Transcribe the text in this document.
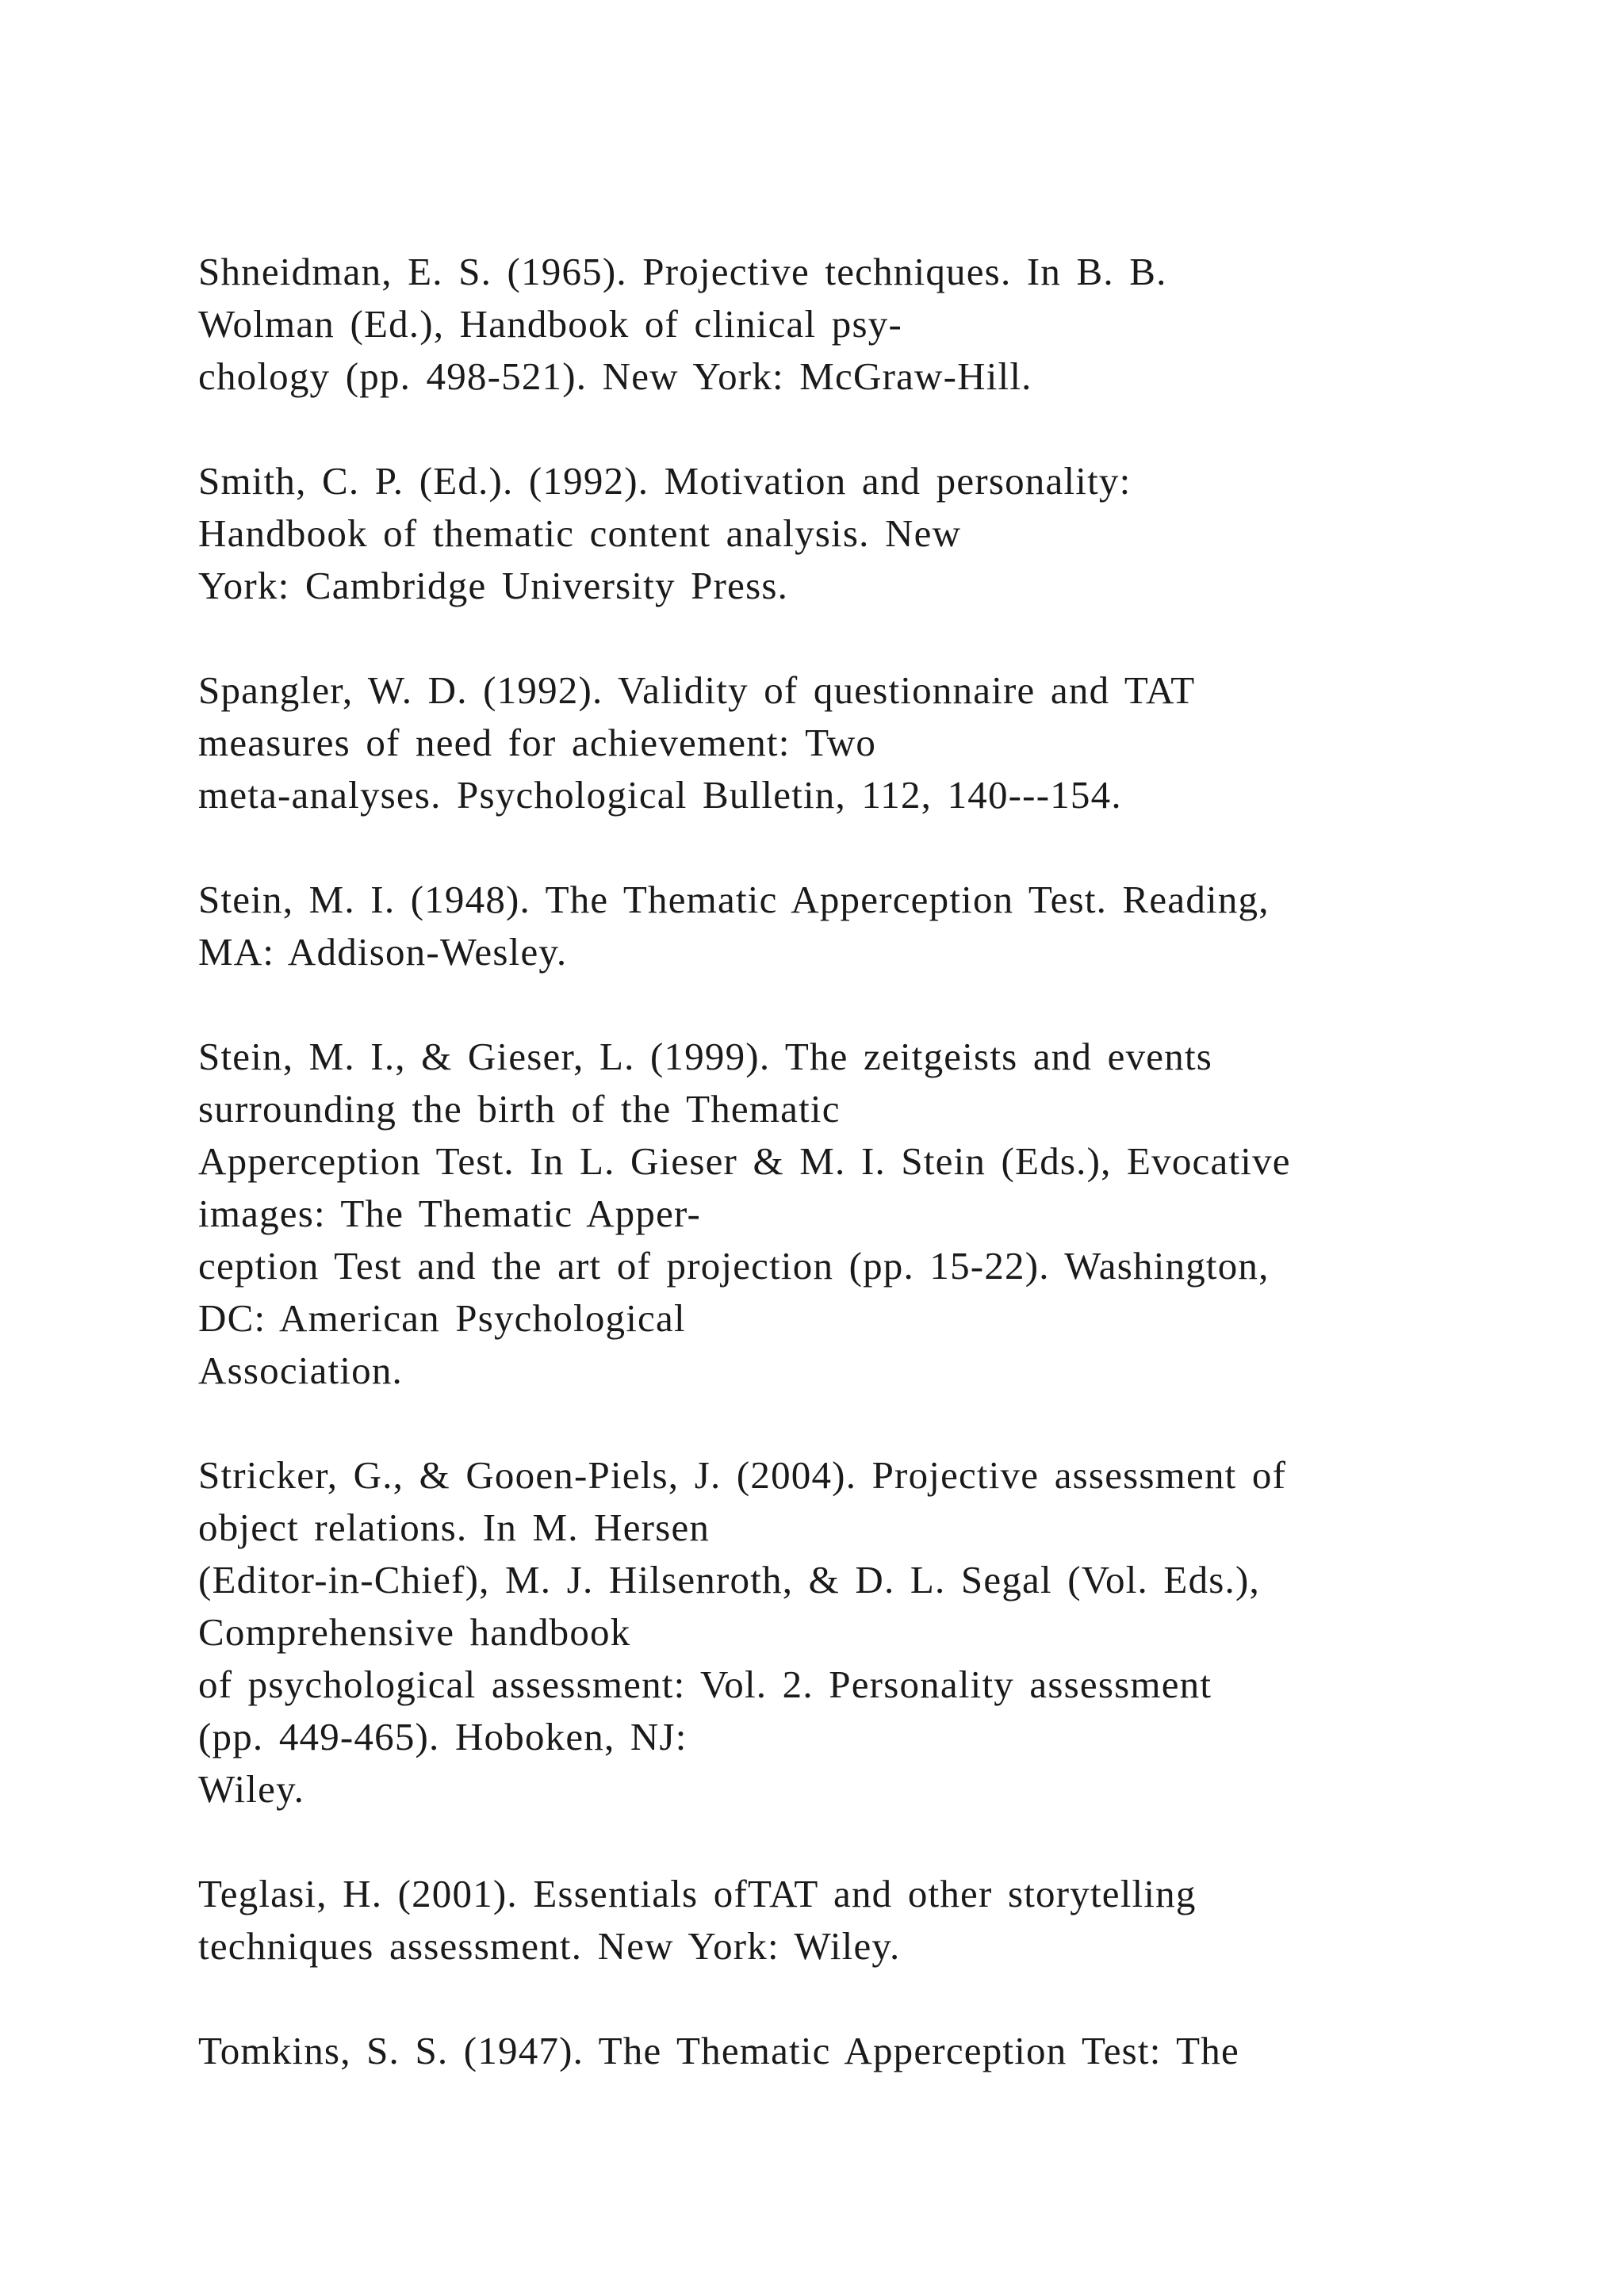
Shneidman, E. S. (1965). Projective techniques. In B. B.
Wolman (Ed.), Handbook of clinical psy-
chology (pp. 498-521). New York: McGraw-Hill.
Smith, C. P. (Ed.). (1992). Motivation and personality:
Handbook of thematic content analysis. New
York: Cambridge University Press.
Spangler, W. D. (1992). Validity of questionnaire and TAT
measures of need for achievement: Two
meta-analyses. Psychological Bulletin, 112, 140---154.
Stein, M. I. (1948). The Thematic Apperception Test. Reading,
MA: Addison-Wesley.
Stein, M. I., & Gieser, L. (1999). The zeitgeists and events
surrounding the birth of the Thematic
Apperception Test. In L. Gieser & M. I. Stein (Eds.), Evocative
images: The Thematic Apper-
ception Test and the art of projection (pp. 15-22). Washington,
DC: American Psychological
Association.
Stricker, G., & Gooen-Piels, J. (2004). Projective assessment of
object relations. In M. Hersen
(Editor-in-Chief), M. J. Hilsenroth, & D. L. Segal (Vol. Eds.),
Comprehensive handbook
of psychological assessment: Vol. 2. Personality assessment
(pp. 449-465). Hoboken, NJ:
Wiley.
Teglasi, H. (2001). Essentials ofTAT and other storytelling
techniques assessment. New York: Wiley.
Tomkins, S. S. (1947). The Thematic Apperception Test: The
